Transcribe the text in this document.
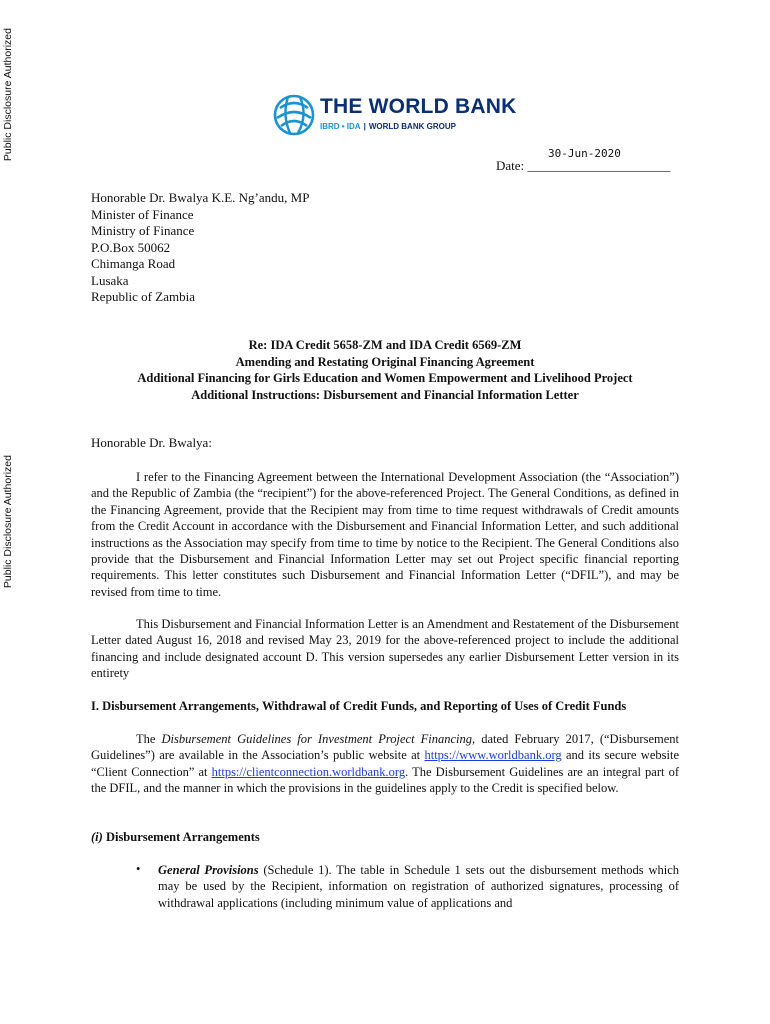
Public Disclosure Authorized
Public Disclosure Authorized
THE WORLD BANK
IBRD • IDA | WORLD BANK GROUP
30-Jun-2020
Date: ______________________
Honorable Dr. Bwalya K.E. Ng’andu, MP
Minister of Finance
Ministry of Finance
P.O.Box 50062
Chimanga Road
Lusaka
Republic of Zambia
Re: IDA Credit 5658-ZM and IDA Credit 6569-ZM
Amending and Restating Original Financing Agreement
Additional Financing for Girls Education and Women Empowerment and Livelihood Project
Additional Instructions: Disbursement and Financial Information Letter
Honorable Dr. Bwalya:
I refer to the Financing Agreement between the International Development Association (the “Association”) and the Republic of Zambia (the “recipient”) for the above-referenced Project. The General Conditions, as defined in the Financing Agreement, provide that the Recipient may from time to time request withdrawals of Credit amounts from the Credit Account in accordance with the Disbursement and Financial Information Letter, and such additional instructions as the Association may specify from time to time by notice to the Recipient. The General Conditions also provide that the Disbursement and Financial Information Letter may set out Project specific financial reporting requirements. This letter constitutes such Disbursement and Financial Information Letter (“DFIL”), and may be revised from time to time.
This Disbursement and Financial Information Letter is an Amendment and Restatement of the Disbursement Letter dated August 16, 2018 and revised May 23, 2019 for the above-referenced project to include the additional financing and include designated account D. This version supersedes any earlier Disbursement Letter version in its entirety
I. Disbursement Arrangements, Withdrawal of Credit Funds, and Reporting of Uses of Credit Funds
The Disbursement Guidelines for Investment Project Financing, dated February 2017, (“Disbursement Guidelines”) are available in the Association’s public website at https://www.worldbank.org and its secure website “Client Connection” at https://clientconnection.worldbank.org. The Disbursement Guidelines are an integral part of the DFIL, and the manner in which the provisions in the guidelines apply to the Credit is specified below.
(i) Disbursement Arrangements
• General Provisions (Schedule 1). The table in Schedule 1 sets out the disbursement methods which may be used by the Recipient, information on registration of authorized signatures, processing of withdrawal applications (including minimum value of applications and
